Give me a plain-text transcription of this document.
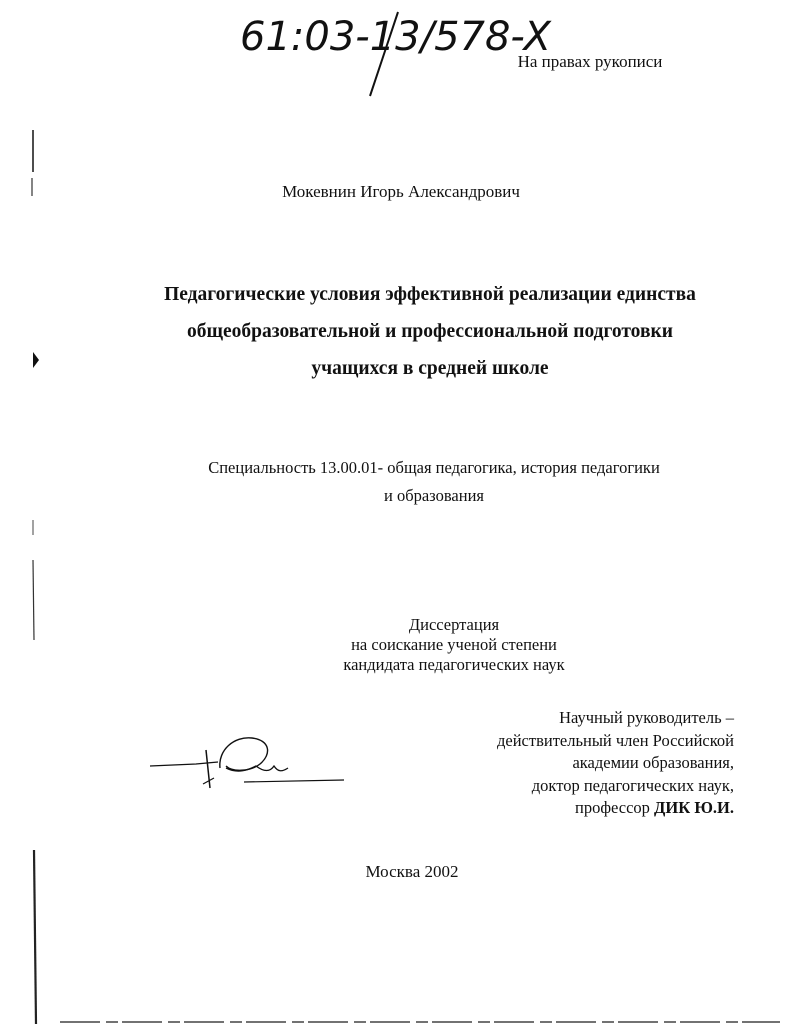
61:03-13/578-X
На правах рукописи
Мокевнин Игорь Александрович
Педагогические условия эффективной реализации единства
общеобразовательной и профессиональной подготовки
учащихся в средней школе
Специальность 13.00.01- общая педагогика, история педагогики
и образования
Диссертация
на соискание ученой степени
кандидата педагогических наук
Научный руководитель –
действительный член Российской
академии образования,
доктор педагогических наук,
профессор ДИК Ю.И.
Москва 2002
